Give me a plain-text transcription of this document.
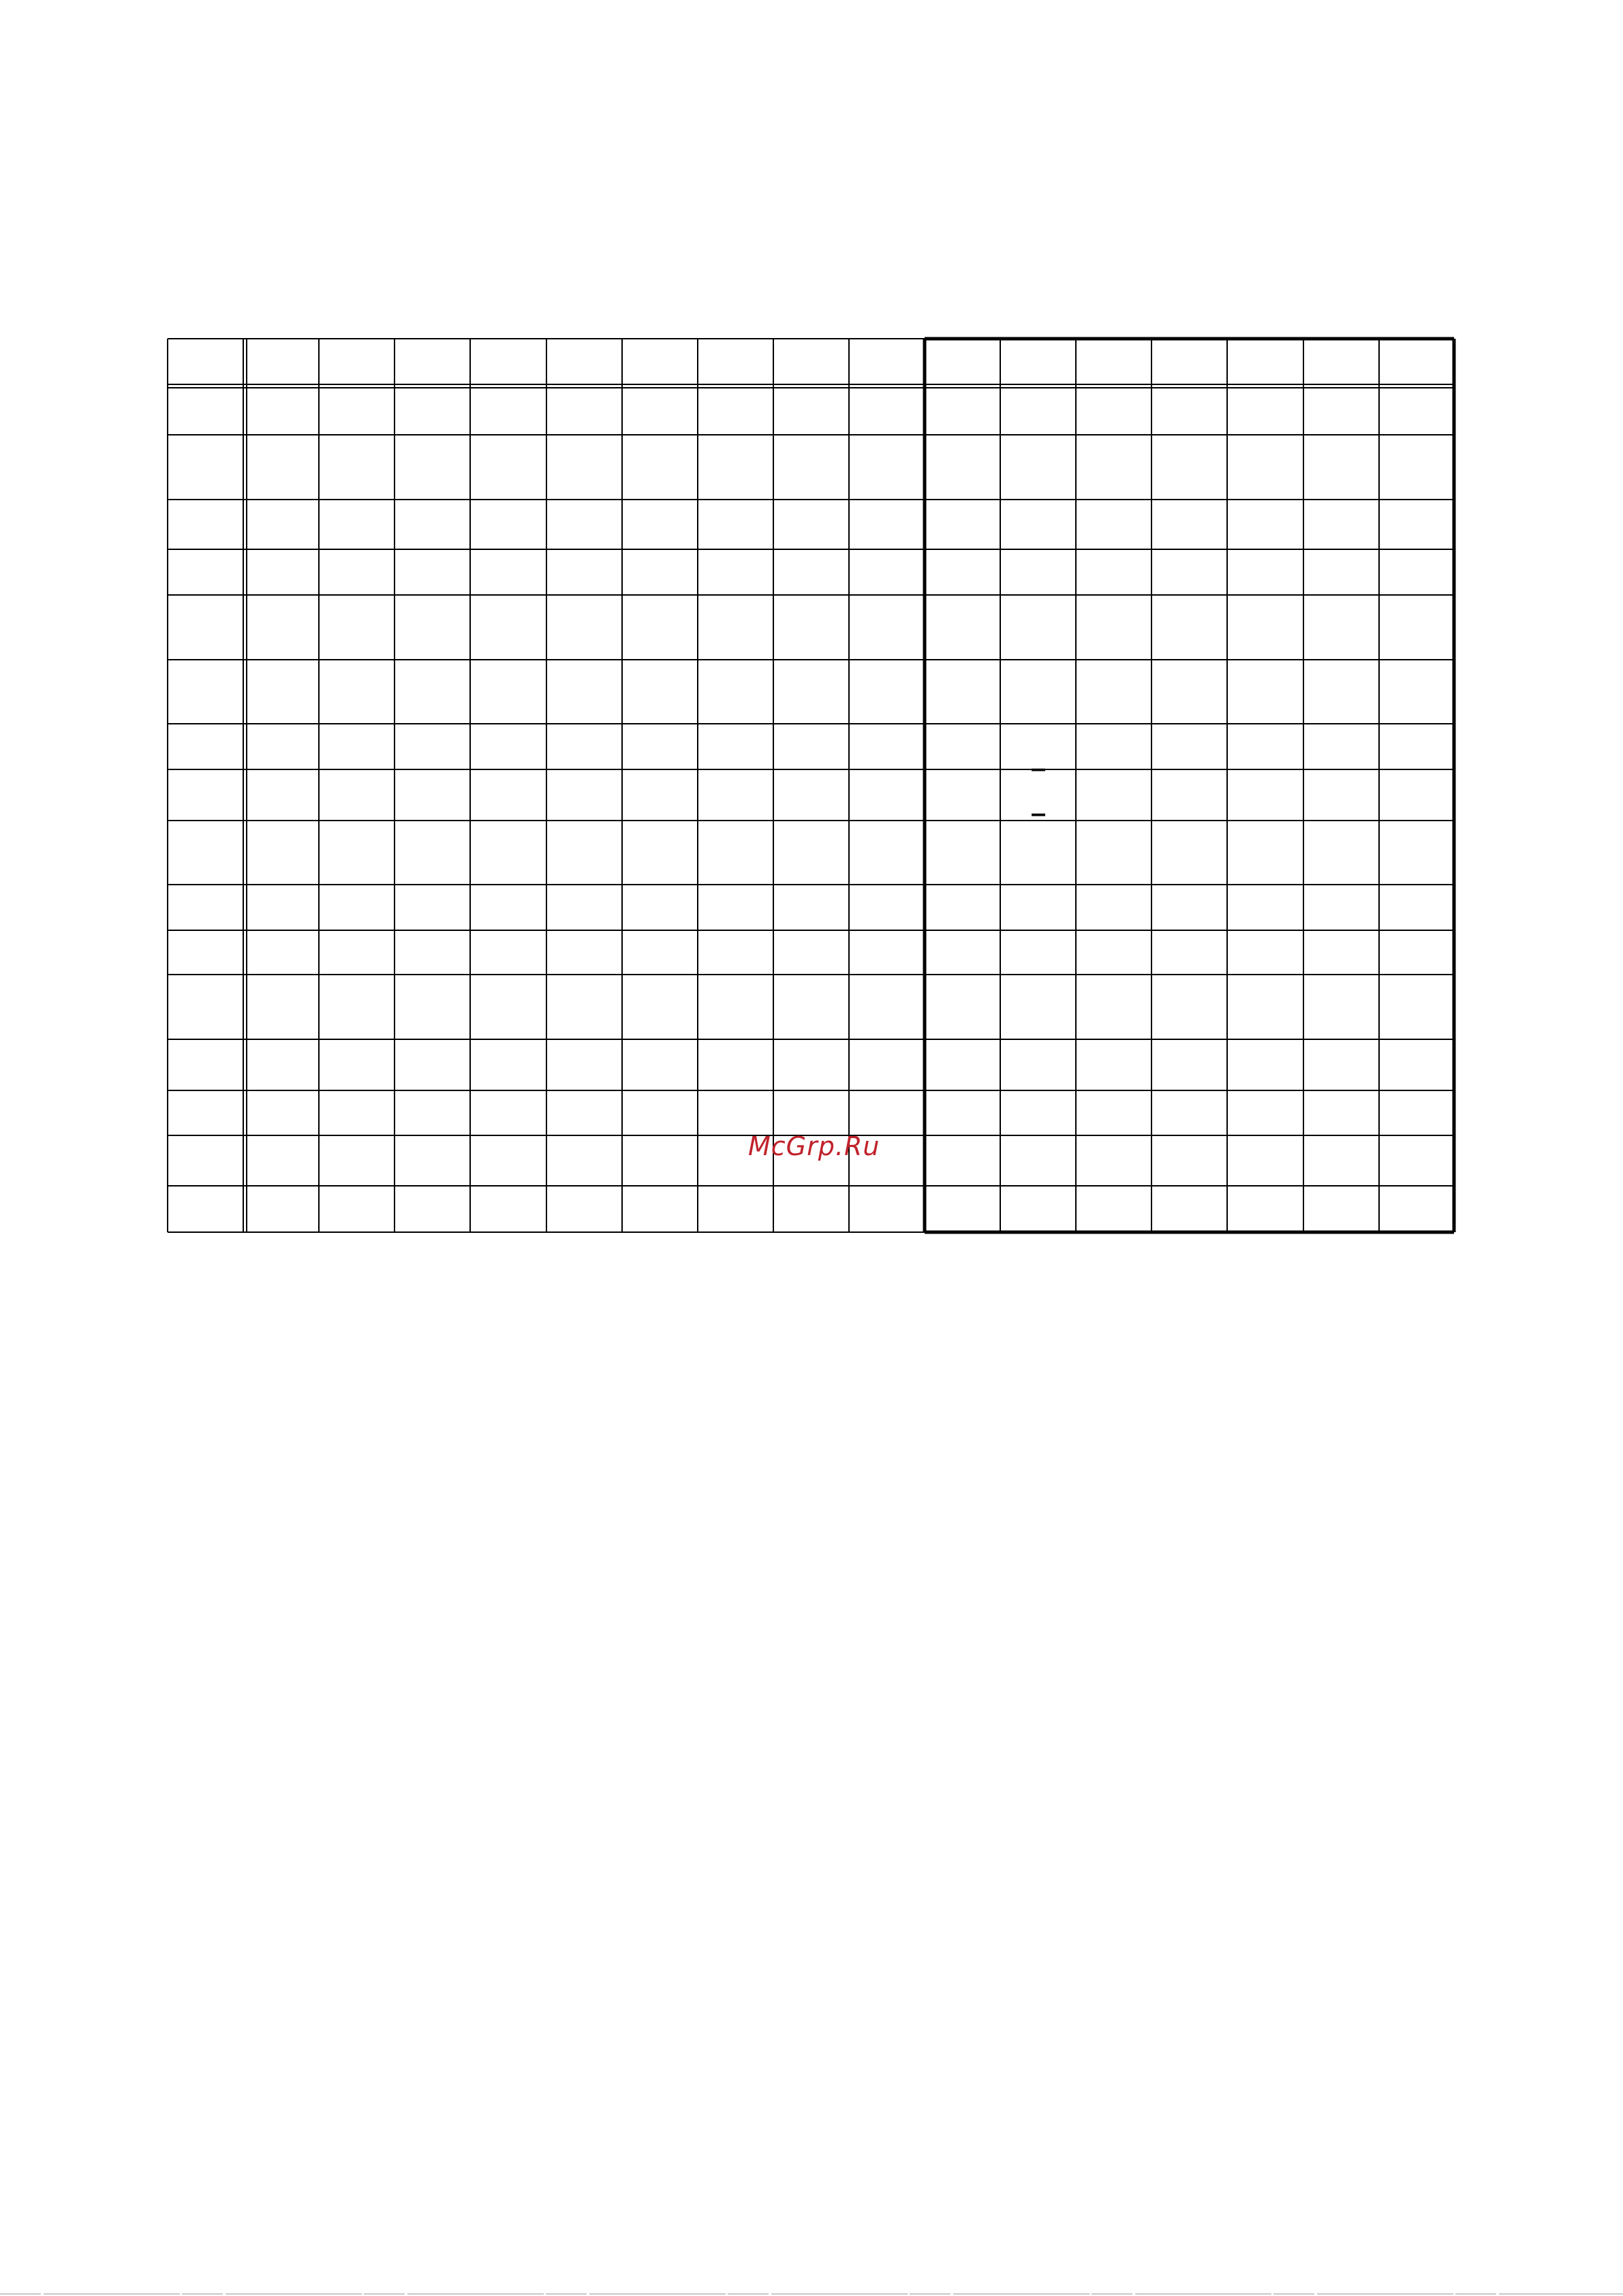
_
_
McGrp.Ru
